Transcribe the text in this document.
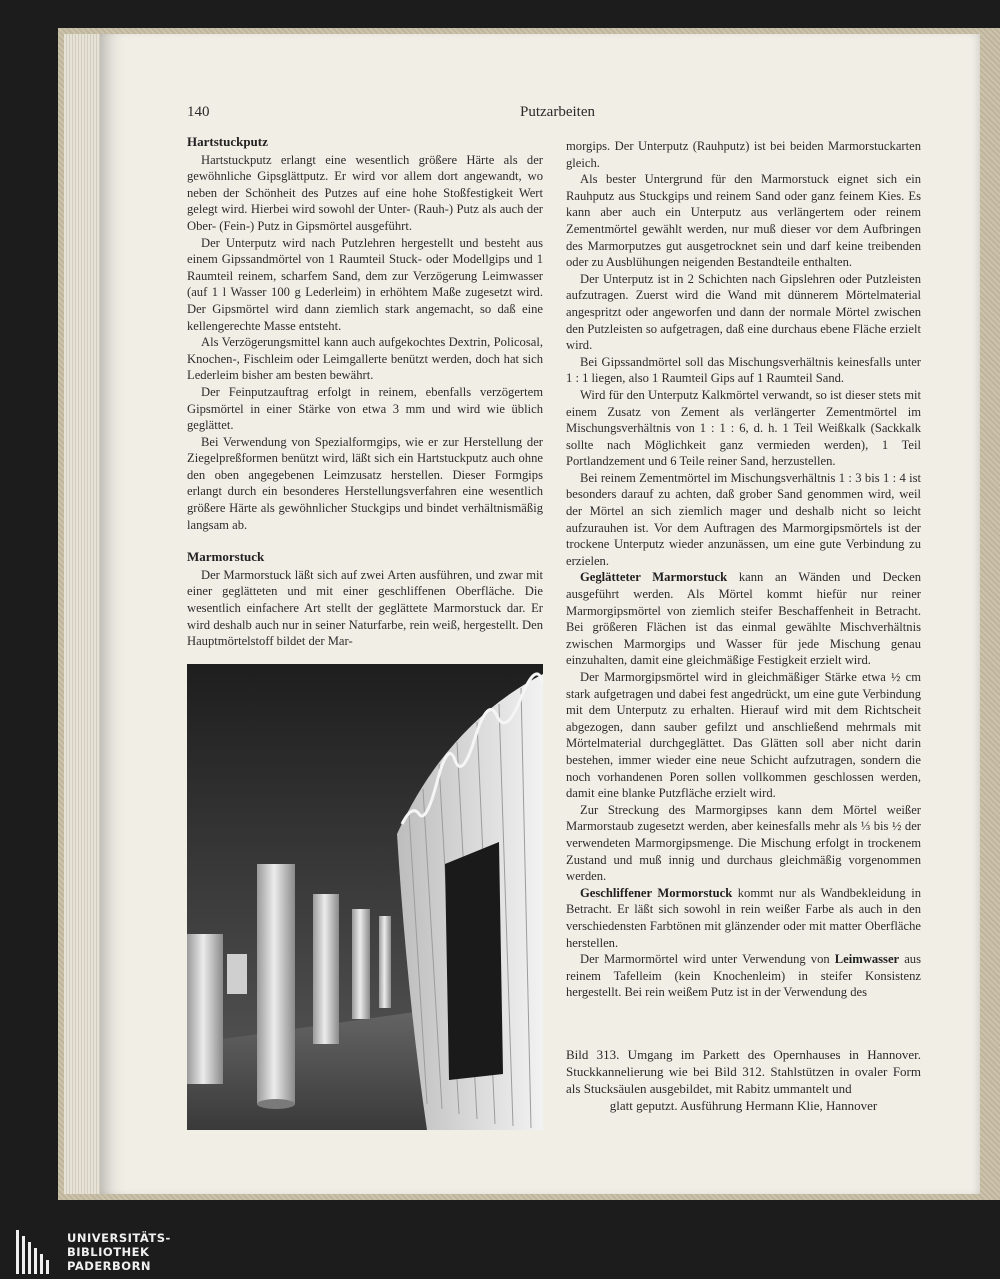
140	Putzarbeiten
Hartstuckputz

Hartstuckputz erlangt eine wesentlich größere Härte als der gewöhnliche Gipsglättputz. Er wird vor allem dort angewandt, wo neben der Schönheit des Putzes auf eine hohe Stoßfestigkeit Wert gelegt wird. Hierbei wird sowohl der Unter- (Rauh-) Putz als auch der Ober- (Fein-) Putz in Gipsmörtel ausgeführt.

Der Unterputz wird nach Putzlehren hergestellt und besteht aus einem Gipssandmörtel von 1 Raumteil Stuck- oder Modellgips und 1 Raumteil reinem, scharfem Sand, dem zur Verzögerung Leimwasser (auf 1 l Wasser 100 g Lederleim) in erhöhtem Maße zugesetzt wird. Der Gipsmörtel wird dann ziemlich stark angemacht, so daß eine kellengerechte Masse entsteht.

Als Verzögerungsmittel kann auch aufgekochtes Dextrin, Policosal, Knochen-, Fischleim oder Leimgallerte benützt werden, doch hat sich Lederleim bisher am besten bewährt.

Der Feinputzauftrag erfolgt in reinem, ebenfalls verzögertem Gipsmörtel in einer Stärke von etwa 3 mm und wird wie üblich geglättet.

Bei Verwendung von Spezialformgips, wie er zur Herstellung der Ziegelpreßformen benützt wird, läßt sich ein Hartstuckputz auch ohne den oben angegebenen Leimzusatz herstellen. Dieser Formgips erlangt durch ein besonderes Herstellungsverfahren eine wesentlich größere Härte als gewöhnlicher Stuckgips und bindet verhältnismäßig langsam ab.

Marmorstuck

Der Marmorstuck läßt sich auf zwei Arten ausführen, und zwar mit einer geglätteten und mit einer geschliffenen Oberfläche. Die wesentlich einfachere Art stellt der geglättete Marmorstuck dar. Er wird deshalb auch nur in seiner Naturfarbe, rein weiß, hergestellt. Den Hauptmörtelstoff bildet der Mar-

morgips. Der Unterputz (Rauhputz) ist bei beiden Marmorstuckarten gleich.

Als bester Untergrund für den Marmorstuck eignet sich ein Rauhputz aus Stuckgips und reinem Sand oder ganz feinem Kies. Es kann aber auch ein Unterputz aus verlängertem oder reinem Zementmörtel gewählt werden, nur muß dieser vor dem Aufbringen des Marmorputzes gut ausgetrocknet sein und darf keine treibenden oder zu Ausblühungen neigenden Bestandteile enthalten.

Der Unterputz ist in 2 Schichten nach Gipslehren oder Putzleisten aufzutragen. Zuerst wird die Wand mit dünnerem Mörtelmaterial angespritzt oder angeworfen und dann der normale Mörtel zwischen den Putzleisten so aufgetragen, daß eine durchaus ebene Fläche erzielt wird.

Bei Gipssandmörtel soll das Mischungsverhältnis keinesfalls unter 1 : 1 liegen, also 1 Raumteil Gips auf 1 Raumteil Sand.

Wird für den Unterputz Kalkmörtel verwandt, so ist dieser stets mit einem Zusatz von Zement als verlängerter Zementmörtel im Mischungsverhältnis von 1 : 1 : 6, d. h. 1 Teil Weißkalk (Sackkalk sollte nach Möglichkeit ganz vermieden werden), 1 Teil Portlandzement und 6 Teile reiner Sand, herzustellen.

Bei reinem Zementmörtel im Mischungsverhältnis 1 : 3 bis 1 : 4 ist besonders darauf zu achten, daß grober Sand genommen wird, weil der Mörtel an sich ziemlich mager und deshalb nicht so leicht aufzurauhen ist. Vor dem Auftragen des Marmorgipsmörtels ist der trockene Unterputz wieder anzunässen, um eine gute Verbindung zu erzielen.

Geglätteter Marmorstuck kann an Wänden und Decken ausgeführt werden. Als Mörtel kommt hiefür nur reiner Marmorgipsmörtel von ziemlich steifer Beschaffenheit in Betracht. Bei größeren Flächen ist das einmal gewählte Mischverhältnis zwischen Marmorgips und Wasser für jede Mischung genau einzuhalten, damit eine gleichmäßige Festigkeit erzielt wird.

Der Marmorgipsmörtel wird in gleichmäßiger Stärke etwa ½ cm stark aufgetragen und dabei fest angedrückt, um eine gute Verbindung mit dem Unterputz zu erhalten. Hierauf wird mit dem Richtscheit abgezogen, dann sauber gefilzt und anschließend mehrmals mit Mörtelmaterial durchgeglättet. Das Glätten soll aber nicht darin bestehen, immer wieder eine neue Schicht aufzutragen, sondern die noch vorhandenen Poren sollen vollkommen geschlossen werden, damit eine blanke Putzfläche erzielt wird.

Zur Streckung des Marmorgipses kann dem Mörtel weißer Marmorstaub zugesetzt werden, aber keinesfalls mehr als ⅓ bis ½ der verwendeten Marmorgipsmenge. Die Mischung erfolgt in trockenem Zustand und muß innig und durchaus gleichmäßig vorgenommen werden.

Geschliffener Mormorstuck kommt nur als Wandbekleidung in Betracht. Er läßt sich sowohl in rein weißer Farbe als auch in den verschiedensten Farbtönen mit glänzender oder mit matter Oberfläche herstellen.

Der Marmormörtel wird unter Verwendung von Leimwasser aus reinem Tafelleim (kein Knochenleim) in steifer Konsistenz hergestellt. Bei rein weißem Putz ist in der Verwendung des

Bild 313. Umgang im Parkett des Opernhauses in Hannover. Stuckkannelierung wie bei Bild 312. Stahlstützen in ovaler Form als Stucksäulen ausgebildet, mit Rabitz ummantelt und
glatt geputzt. Ausführung Hermann Klie, Hannover
UNIVERSITÄTS-
BIBLIOTHEK
PADERBORN
